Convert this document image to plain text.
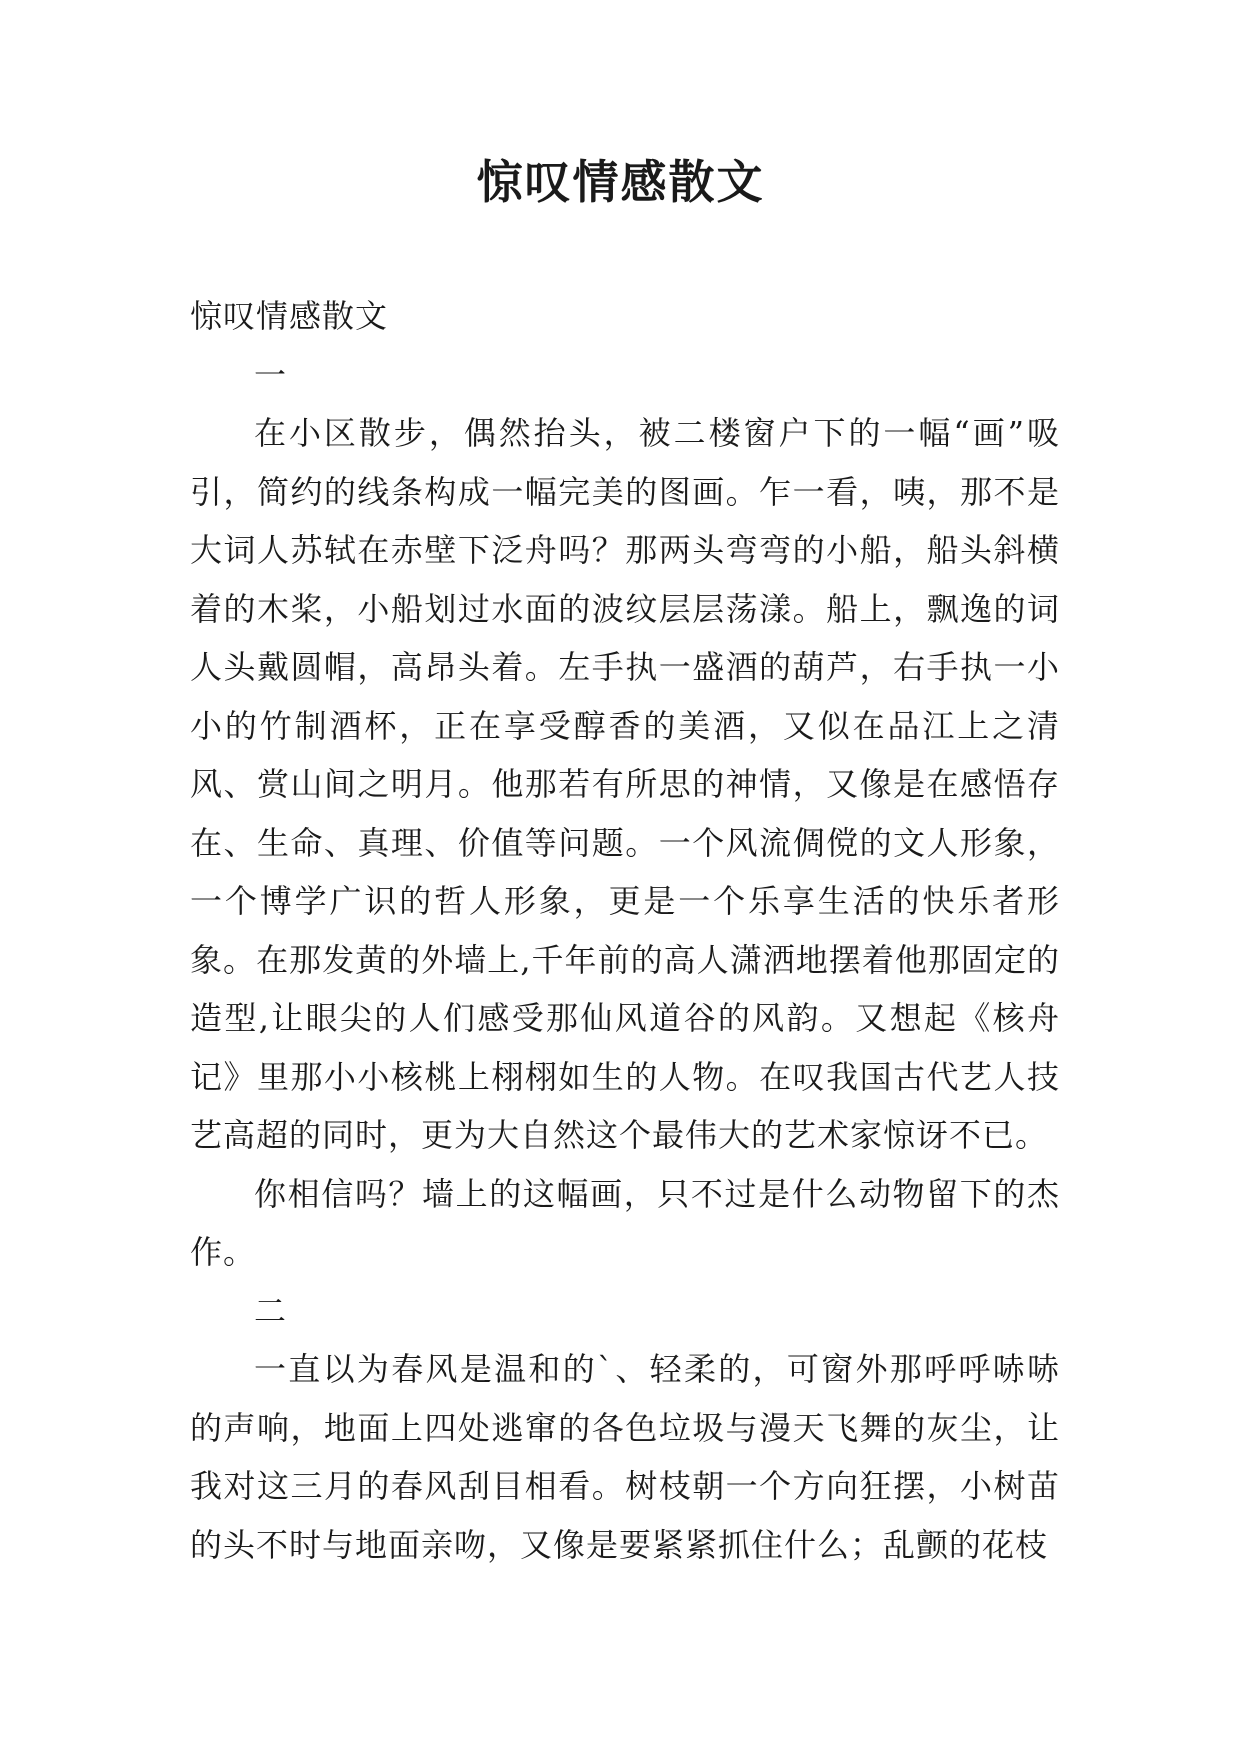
惊叹情感散文

惊叹情感散文

一

在小区散步，偶然抬头，被二楼窗户下的一幅“画”吸引，简约的线条构成一幅完美的图画。乍一看，咦，那不是大词人苏轼在赤壁下泛舟吗？那两头弯弯的小船，船头斜横着的木桨，小船划过水面的波纹层层荡漾。船上，飘逸的词人头戴圆帽，高昂头着。左手执一盛酒的葫芦，右手执一小小的竹制酒杯，正在享受醇香的美酒，又似在品江上之清风、赏山间之明月。他那若有所思的神情，又像是在感悟存在、生命、真理、价值等问题。一个风流倜傥的文人形象，一个博学广识的哲人形象，更是一个乐享生活的快乐者形象。在那发黄的外墙上,千年前的高人潇洒地摆着他那固定的造型,让眼尖的人们感受那仙风道谷的风韵。又想起《核舟记》里那小小核桃上栩栩如生的人物。在叹我国古代艺人技艺高超的同时，更为大自然这个最伟大的艺术家惊讶不已。

你相信吗？墙上的这幅画，只不过是什么动物留下的杰作。

二

一直以为春风是温和的`、轻柔的，可窗外那呼呼哧哧的声响，地面上四处逃窜的各色垃圾与漫天飞舞的灰尘，让我对这三月的春风刮目相看。树枝朝一个方向狂摆，小树苗的头不时与地面亲吻，又像是要紧紧抓住什么；乱颤的花枝
